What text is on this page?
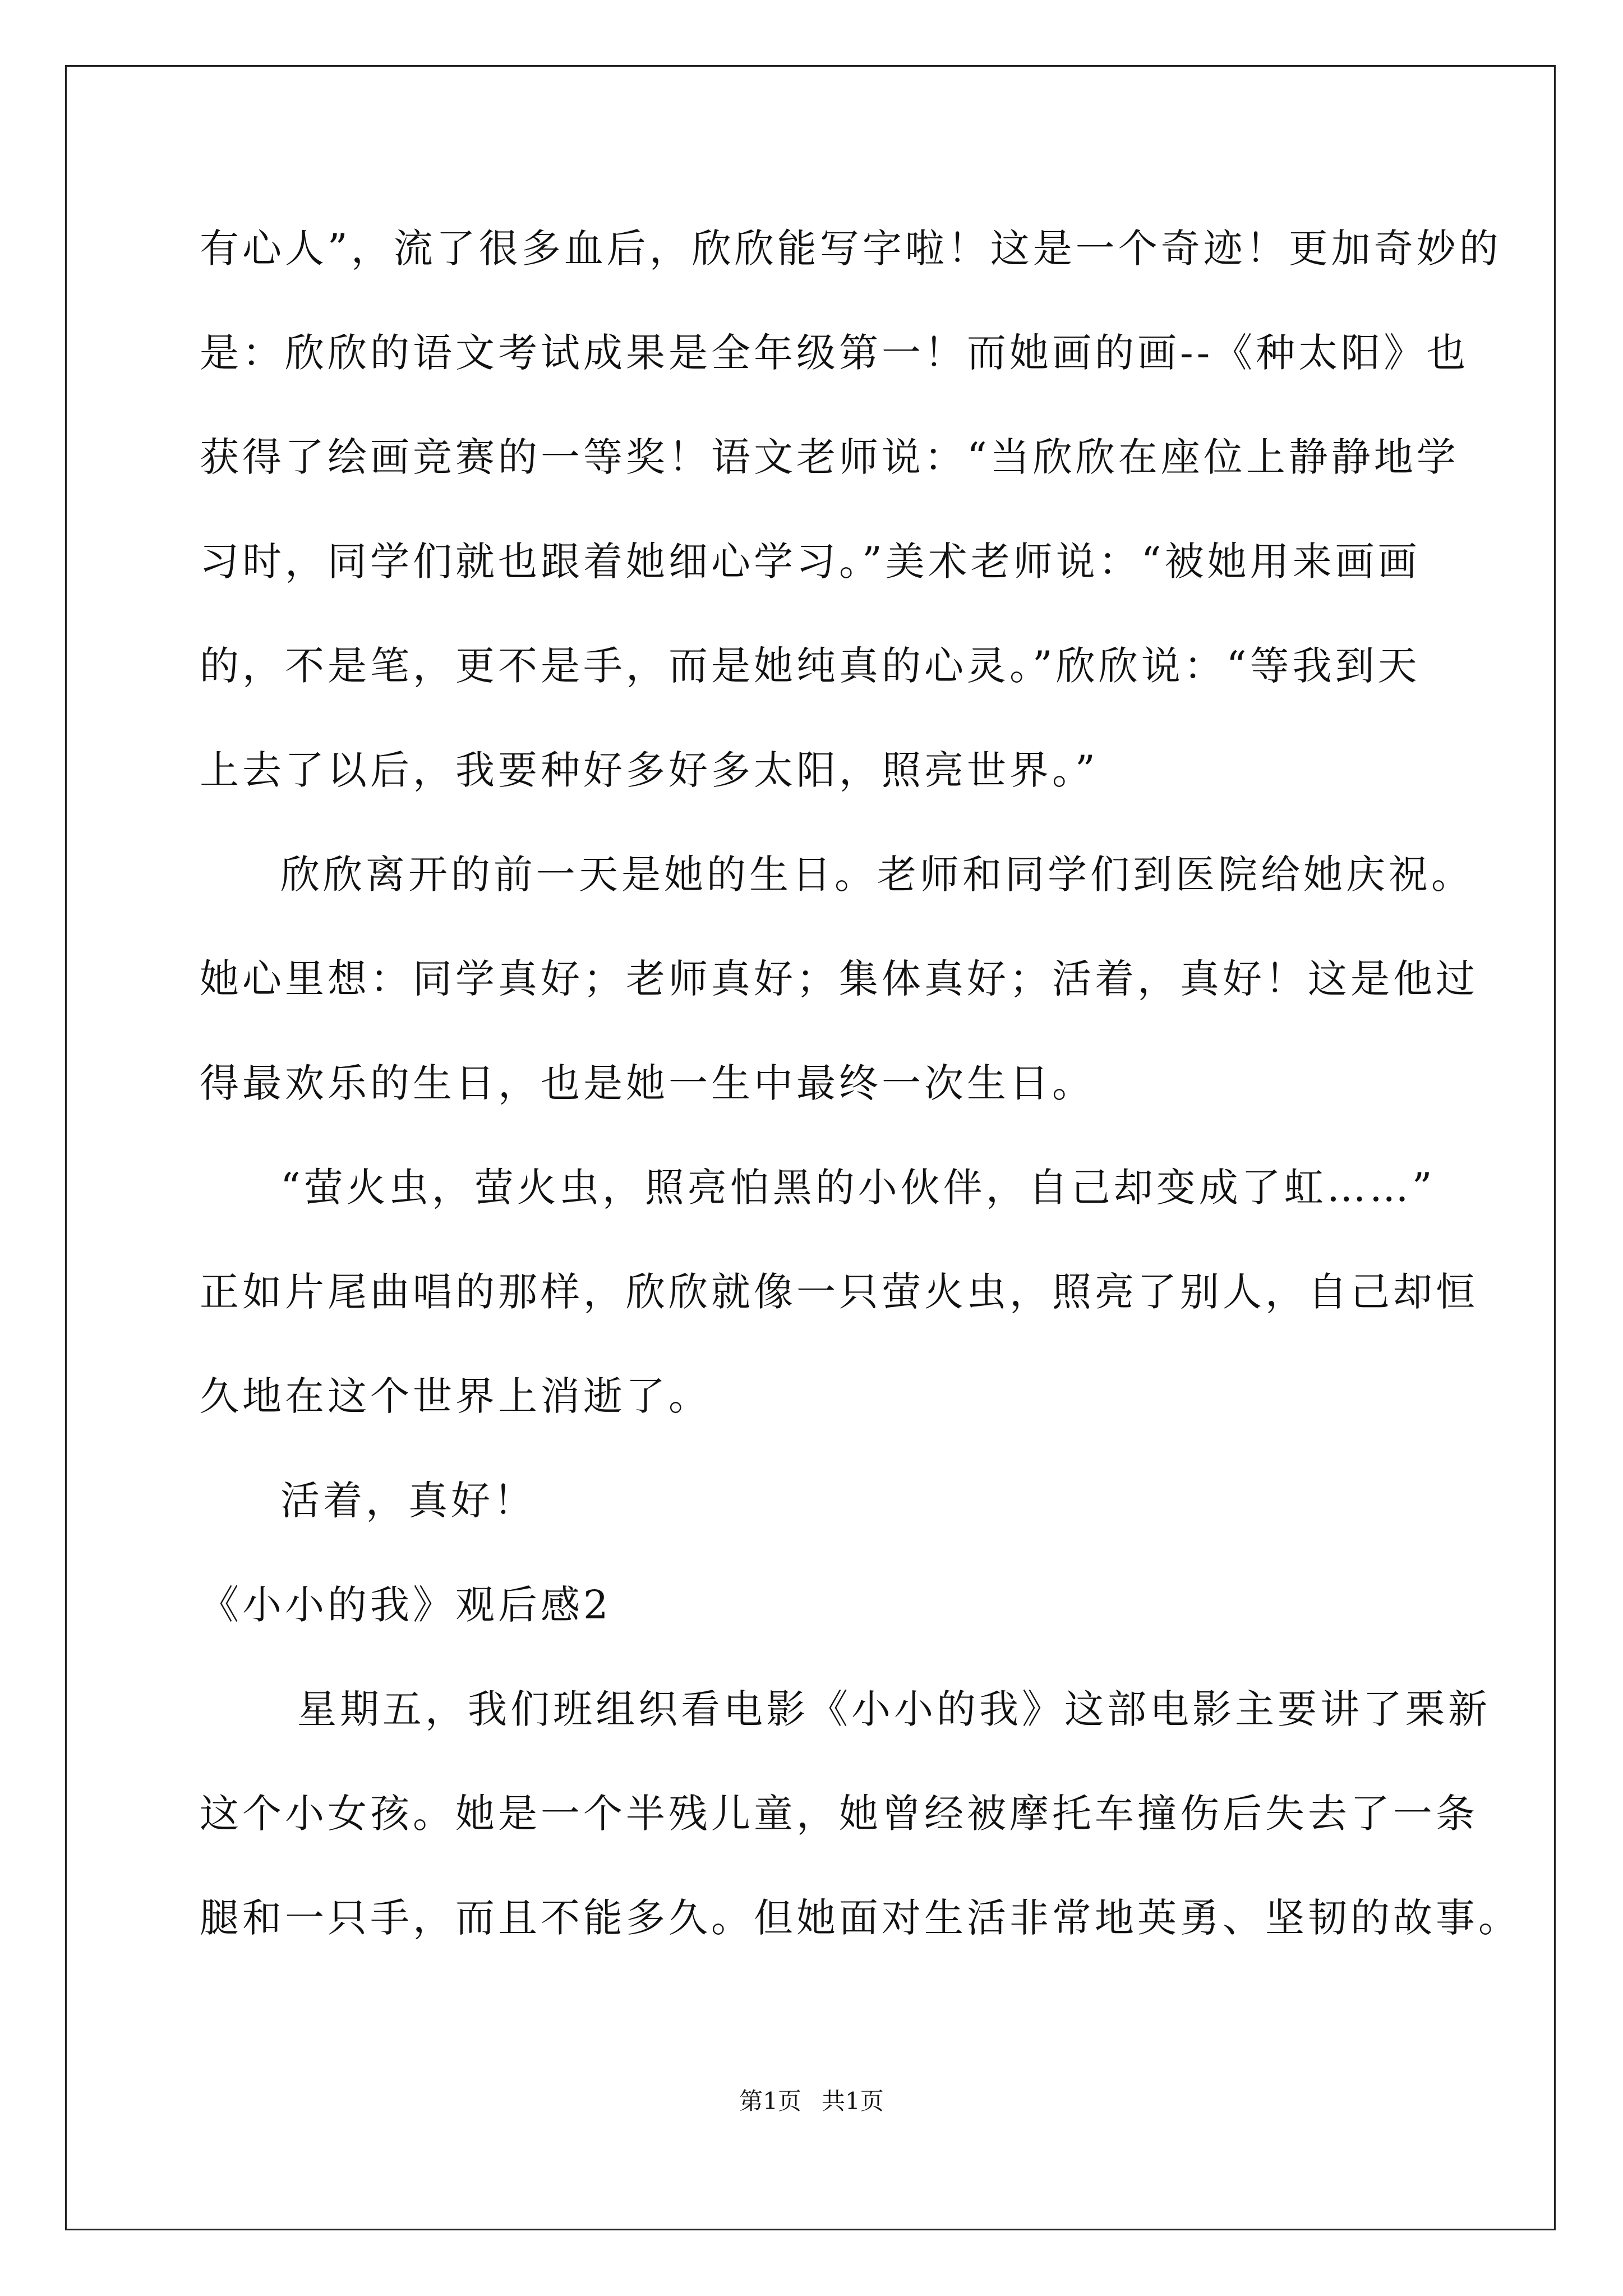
有心人”，流了很多血后，欣欣能写字啦！这是一个奇迹！更加奇妙的
是：欣欣的语文考试成果是全年级第一！而她画的画--《种太阳》也
获得了绘画竞赛的一等奖！语文老师说：“当欣欣在座位上静静地学
习时，同学们就也跟着她细心学习。”美术老师说：“被她用来画画
的，不是笔，更不是手，而是她纯真的心灵。”欣欣说：“等我到天
上去了以后，我要种好多好多太阳，照亮世界。”
欣欣离开的前一天是她的生日。老师和同学们到医院给她庆祝。
她心里想：同学真好；老师真好；集体真好；活着，真好！这是他过
得最欢乐的生日，也是她一生中最终一次生日。
“萤火虫，萤火虫，照亮怕黑的小伙伴，自己却变成了虹……”
正如片尾曲唱的那样，欣欣就像一只萤火虫，照亮了别人，自己却恒
久地在这个世界上消逝了。
活着，真好！
《小小的我》观后感2
星期五，我们班组织看电影《小小的我》这部电影主要讲了栗新
这个小女孩。她是一个半残儿童，她曾经被摩托车撞伤后失去了一条
腿和一只手，而且不能多久。但她面对生活非常地英勇、坚韧的故事。
第1页 共1页
